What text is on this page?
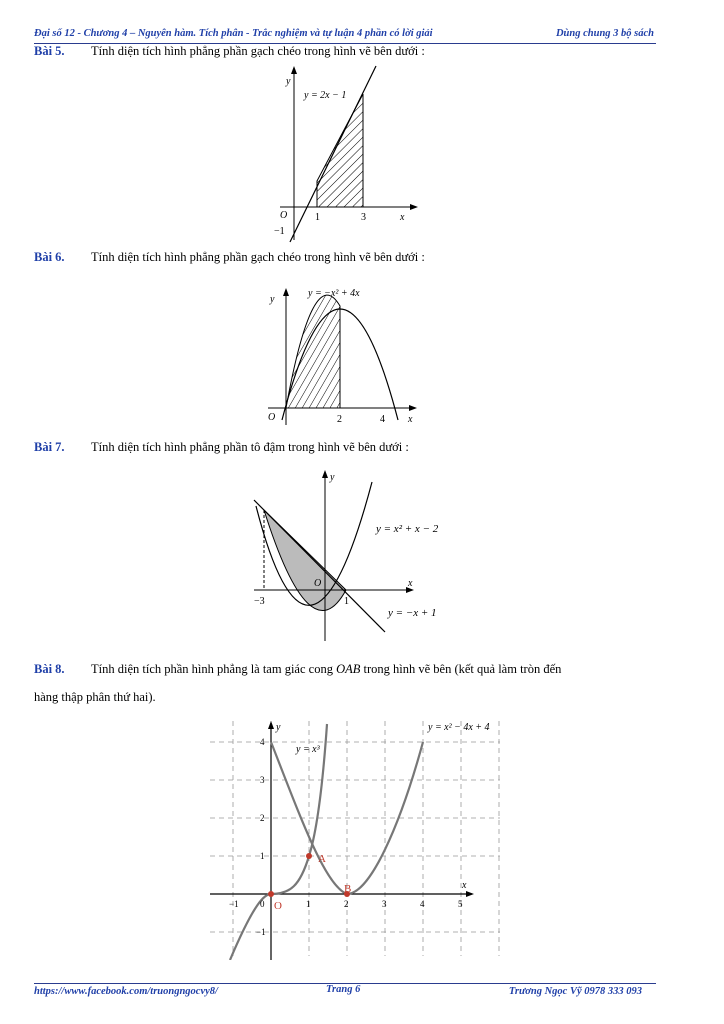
Đại số 12 - Chương 4 – Nguyên hàm. Tích phân - Trắc nghiệm và tự luận 4 phần có lời giải	Dùng chung 3 bộ sách
Bài 5. Tính diện tích hình phẳng phần gạch chéo trong hình vẽ bên dưới :
y
x
O	1	3
−1
y = 2x − 1
Bài 6. Tính diện tích hình phẳng phần gạch chéo trong hình vẽ bên dưới :
y
x
O	2	4
y = −x² + 4x
Bài 7. Tính diện tích hình phẳng phần tô đậm trong hình vẽ bên dưới :
y
x
O
−3	1
y = x² + x − 2
y = −x + 1
Bài 8. Tính diện tích phần hình phẳng là tam giác cong OAB trong hình vẽ bên (kết quả làm tròn đến
hàng thập phân thứ hai).
y
x
O
A
B
y = x³
y = x² − 4x + 4
−1 0	1	2	3	4	5
4
3
2
1
−1
https://www.facebook.com/truongngocvy8/	Trang 6	Trương Ngọc Vỹ 0978 333 093
